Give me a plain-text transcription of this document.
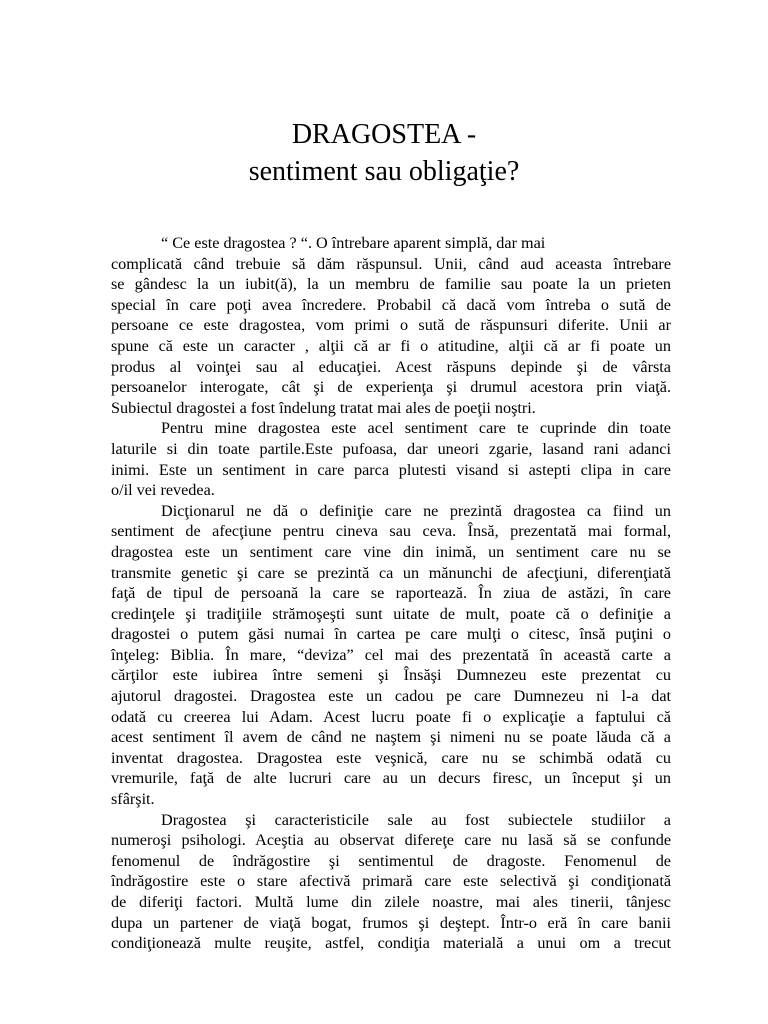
DRAGOSTEA -
sentiment sau obligaţie?
“ Ce este dragostea ? “. O întrebare aparent simplă, dar mai
complicată când trebuie să dăm răspunsul. Unii, când aud aceasta întrebare
se gândesc la un iubit(ă), la un membru de familie sau poate la un prieten
special în care poţi avea încredere. Probabil că dacă vom întreba o sută de
persoane ce este dragostea, vom primi o sută de răspunsuri diferite. Unii ar
spune că este un caracter , alţii că ar fi o atitudine, alţii că ar fi poate un
produs al voinţei sau al educaţiei. Acest răspuns depinde şi de vârsta
persoanelor interogate, cât şi de experienţa şi drumul acestora prin viaţă.
Subiectul dragostei a fost îndelung tratat mai ales de poeţii noştri.
Pentru mine dragostea este acel sentiment care te cuprinde din toate
laturile si din toate partile.Este pufoasa, dar uneori zgarie, lasand rani adanci
inimi. Este un sentiment in care parca plutesti visand si astepti clipa in care
o/il vei revedea.
Dicţionarul ne dă o definiţie care ne prezintă dragostea ca fiind un
sentiment de afecţiune pentru cineva sau ceva. Însă, prezentată mai formal,
dragostea este un sentiment care vine din inimă, un sentiment care nu se
transmite genetic şi care se prezintă ca un mănunchi de afecţiuni, diferenţiată
faţă de tipul de persoană la care se raportează. În ziua de astăzi, în care
credinţele şi tradiţiile strămoşeşti sunt uitate de mult, poate că o definiţie a
dragostei o putem găsi numai în cartea pe care mulţi o citesc, însă puţini o
înţeleg: Biblia. În mare, “deviza” cel mai des prezentată în această carte a
cărţilor este iubirea între semeni şi Însăşi Dumnezeu este prezentat cu
ajutorul dragostei. Dragostea este un cadou pe care Dumnezeu ni l-a dat
odată cu creerea lui Adam. Acest lucru poate fi o explicaţie a faptului că
acest sentiment îl avem de când ne naştem şi nimeni nu se poate lăuda că a
inventat dragostea. Dragostea este veşnică, care nu se schimbă odată cu
vremurile, faţă de alte lucruri care au un decurs firesc, un început şi un
sfârşit.
Dragostea şi caracteristicile sale au fost subiectele studiilor a
numeroşi psihologi. Aceştia au observat difereţe care nu lasă să se confunde
fenomenul de îndrăgostire şi sentimentul de dragoste. Fenomenul de
îndrăgostire este o stare afectivă primară care este selectivă şi condiţionată
de diferiţi factori. Multă lume din zilele noastre, mai ales tinerii, tânjesc
dupa un partener de viaţă bogat, frumos şi deştept. Într-o eră în care banii
condiţionează multe reuşite, astfel, condiţia materială a unui om a trecut
